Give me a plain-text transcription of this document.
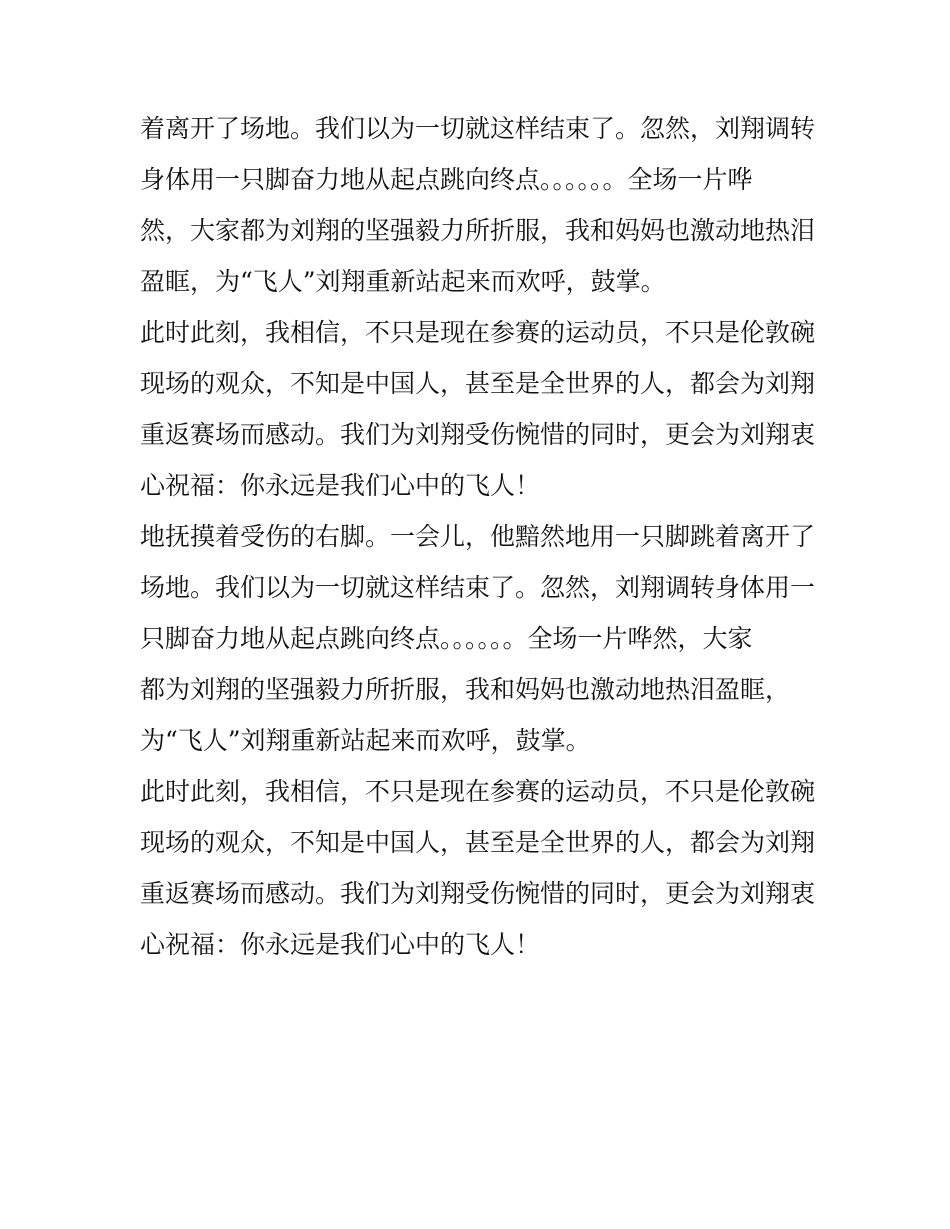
着离开了场地。我们以为一切就这样结束了。忽然，刘翔调转
身体用一只脚奋力地从起点跳向终点。。。。。。全场一片哗
然，大家都为刘翔的坚强毅力所折服，我和妈妈也激动地热泪
盈眶，为“飞人”刘翔重新站起来而欢呼，鼓掌。
此时此刻，我相信，不只是现在参赛的运动员，不只是伦敦碗
现场的观众，不知是中国人，甚至是全世界的人，都会为刘翔
重返赛场而感动。我们为刘翔受伤惋惜的同时，更会为刘翔衷
心祝福：你永远是我们心中的飞人！
地抚摸着受伤的右脚。一会儿，他黯然地用一只脚跳着离开了
场地。我们以为一切就这样结束了。忽然，刘翔调转身体用一
只脚奋力地从起点跳向终点。。。。。。全场一片哗然，大家
都为刘翔的坚强毅力所折服，我和妈妈也激动地热泪盈眶，
为“飞人”刘翔重新站起来而欢呼，鼓掌。
此时此刻，我相信，不只是现在参赛的运动员，不只是伦敦碗
现场的观众，不知是中国人，甚至是全世界的人，都会为刘翔
重返赛场而感动。我们为刘翔受伤惋惜的同时，更会为刘翔衷
心祝福：你永远是我们心中的飞人！
